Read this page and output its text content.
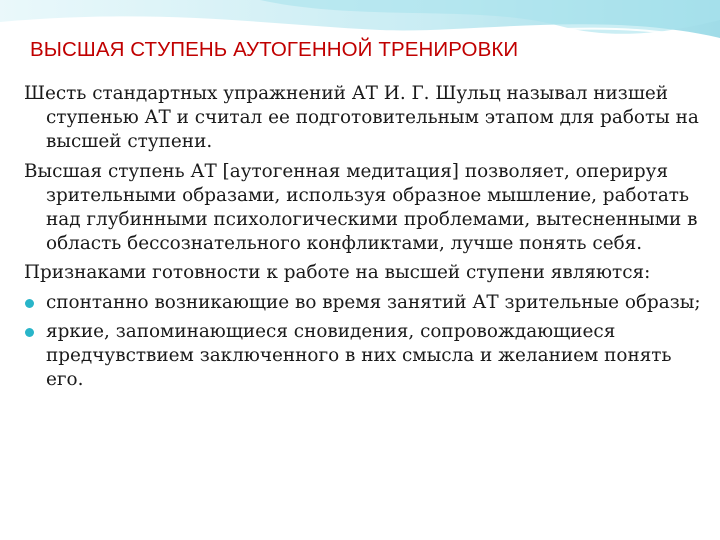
ВЫСШАЯ СТУПЕНЬ АУТОГЕННОЙ ТРЕНИРОВКИ

Шесть стандартных упражнений АТ И. Г. Шульц называл низшей ступенью АТ и считал ее подготовительным этапом для работы на высшей ступени.

Высшая ступень АТ [аутогенная медитация] позволяет, оперируя зрительными образами, используя образное мышление, работать над глубинными психологическими проблемами, вытесненными в область бессознательного конфликтами, лучше понять себя.

Признаками готовности к работе на высшей ступени являются:

спонтанно возникающие во время занятий АТ зрительные образы;
яркие, запоминающиеся сновидения, сопровождающиеся предчувствием заключенного в них смысла и желанием понять его.
